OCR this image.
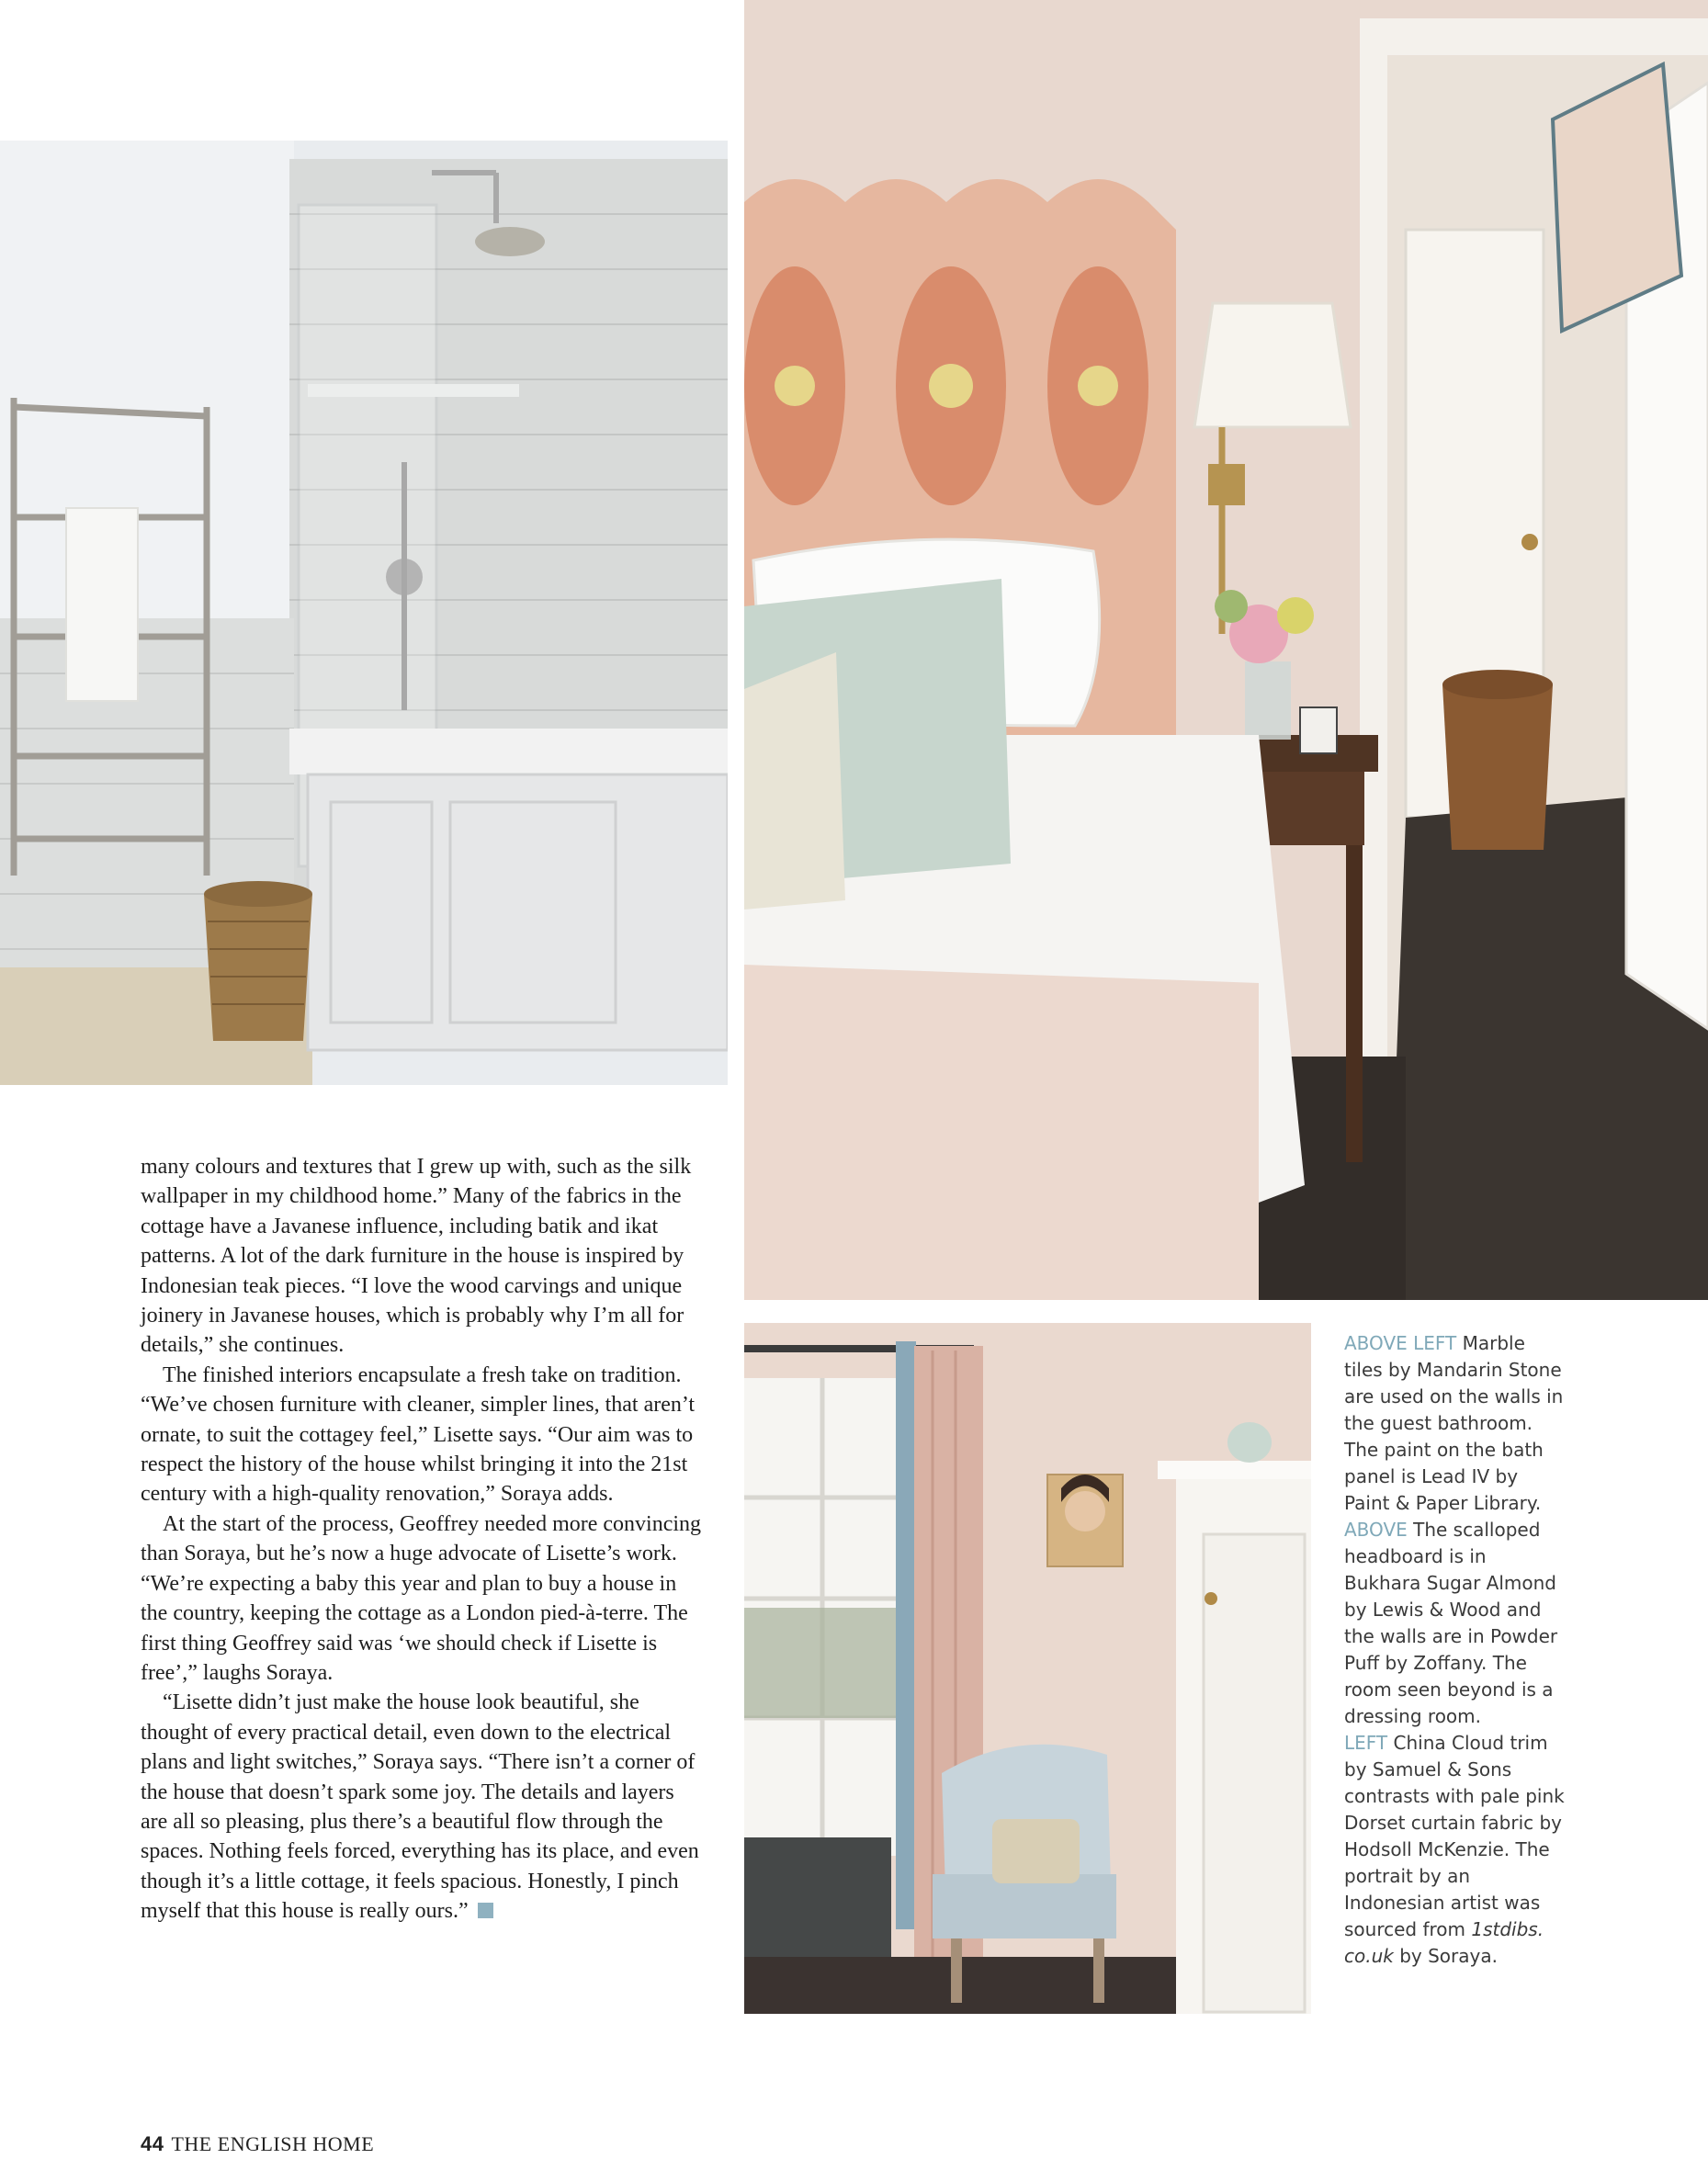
many colours and textures that I grew up with, such as the silk wallpaper in my childhood home.” Many of the fabrics in the cottage have a Javanese influence, including batik and ikat patterns. A lot of the dark furniture in the house is inspired by Indonesian teak pieces. “I love the wood carvings and unique joinery in Javanese houses, which is probably why I’m all for details,” she continues.

The finished interiors encapsulate a fresh take on tradition. “We’ve chosen furniture with cleaner, simpler lines, that aren’t ornate, to suit the cottagey feel,” Lisette says. “Our aim was to respect the history of the house whilst bringing it into the 21st century with a high-quality renovation,” Soraya adds.

At the start of the process, Geoffrey needed more convincing than Soraya, but he’s now a huge advocate of Lisette’s work. “We’re expecting a baby this year and plan to buy a house in the country, keeping the cottage as a London pied-à-terre. The first thing Geoffrey said was ‘we should check if Lisette is free’,” laughs Soraya.

“Lisette didn’t just make the house look beautiful, she thought of every practical detail, even down to the electrical plans and light switches,” Soraya says. “There isn’t a corner of the house that doesn’t spark some joy. The details and layers are all so pleasing, plus there’s a beautiful flow through the spaces. Nothing feels forced, everything has its place, and even though it’s a little cottage, it feels spacious. Honestly, I pinch myself that this house is really ours.”

ABOVE LEFT Marble tiles by Mandarin Stone are used on the walls in the guest bathroom. The paint on the bath panel is Lead IV by Paint & Paper Library.

ABOVE The scalloped headboard is in Bukhara Sugar Almond by Lewis & Wood and the walls are in Powder Puff by Zoffany. The room seen beyond is a dressing room.

LEFT China Cloud trim by Samuel & Sons contrasts with pale pink Dorset curtain fabric by Hodsoll McKenzie. The portrait by an Indonesian artist was sourced from 1stdibs. co.uk by Soraya.

44 THE ENGLISH HOME
